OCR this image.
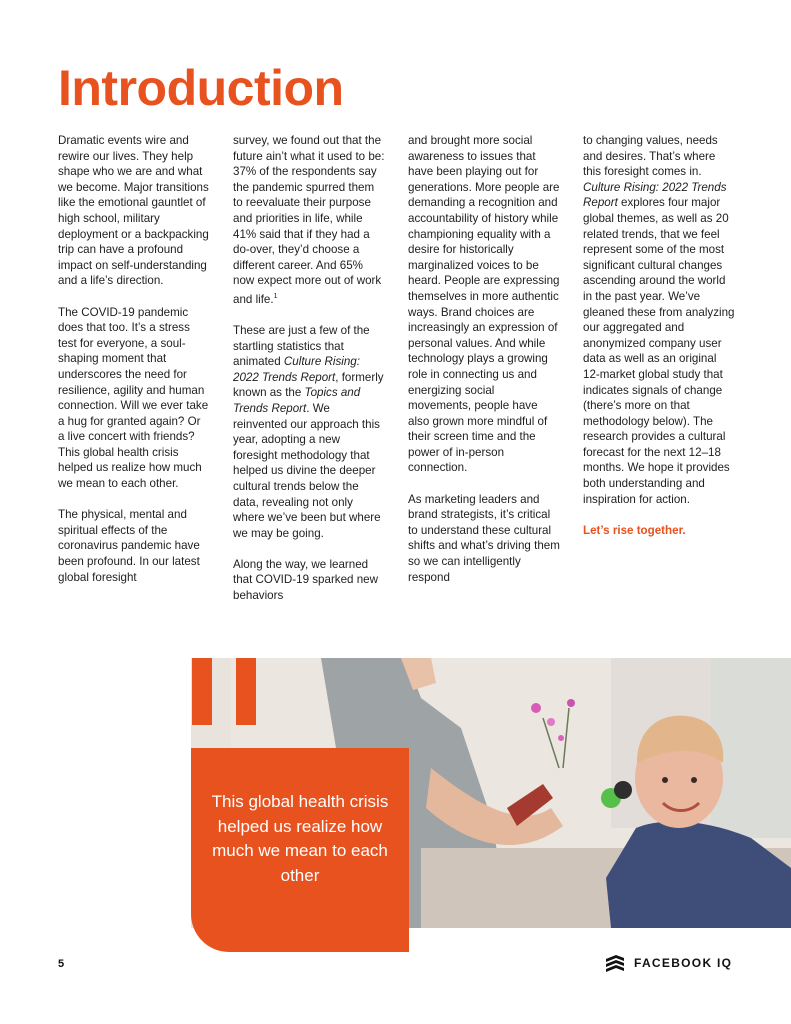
Introduction

Dramatic events wire and rewire our lives. They help shape who we are and what we become. Major transitions like the emotional gauntlet of high school, military deployment or a backpacking trip can have a profound impact on self-understanding and a life’s direction.

The COVID-19 pandemic does that too. It’s a stress test for everyone, a soul-shaping moment that underscores the need for resilience, agility and human connection. Will we ever take a hug for granted again? Or a live concert with friends? This global health crisis helped us realize how much we mean to each other.

The physical, mental and spiritual effects of the coronavirus pandemic have been profound. In our latest global foresight

survey, we found out that the future ain’t what it used to be: 37% of the respondents say the pandemic spurred them to reevaluate their purpose and priorities in life, while 41% said that if they had a do-over, they’d choose a different career. And 65% now expect more out of work and life.$^1$

These are just a few of the startling statistics that animated Culture Rising: 2022 Trends Report, formerly known as the Topics and Trends Report. We reinvented our approach this year, adopting a new foresight methodology that helped us divine the deeper cultural trends below the data, revealing not only where we’ve been but where we may be going.

Along the way, we learned that COVID-19 sparked new behaviors

and brought more social awareness to issues that have been playing out for generations. More people are demanding a recognition and accountability of history while championing equality with a desire for historically marginalized voices to be heard. People are expressing themselves in more authentic ways. Brand choices are increasingly an expression of personal values. And while technology plays a growing role in connecting us and energizing social movements, people have also grown more mindful of their screen time and the power of in-person connection.

As marketing leaders and brand strategists, it’s critical to understand these cultural shifts and what’s driving them so we can intelligently respond

to changing values, needs and desires. That’s where this foresight comes in. Culture Rising: 2022 Trends Report explores four major global themes, as well as 20 related trends, that we feel represent some of the most significant cultural changes ascending around the world in the past year. We’ve gleaned these from analyzing our aggregated and anonymized company user data as well as an original 12-market global study that indicates signals of change (there’s more on that methodology below). The research provides a cultural forecast for the next 12–18 months. We hope it provides both understanding and inspiration for action.

Let’s rise together.

This global health crisis helped us realize how much we mean to each other

5	FACEBOOK IQ
